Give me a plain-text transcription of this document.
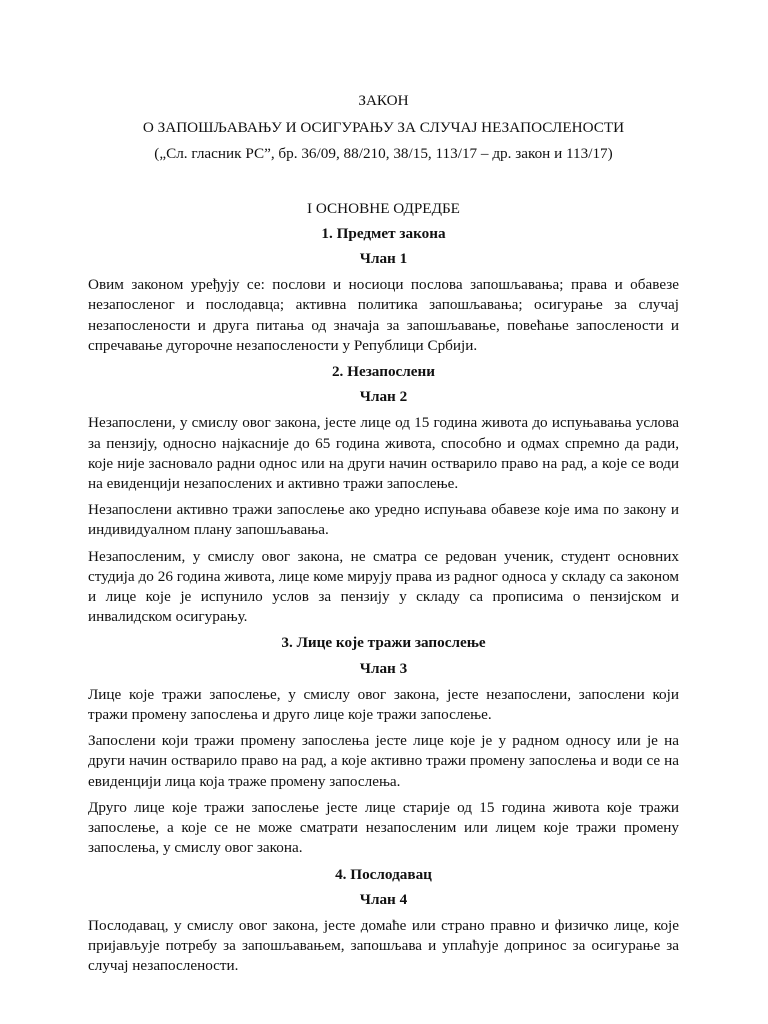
ЗАКОН

О ЗАПОШЉАВАЊУ И ОСИГУРАЊУ ЗА СЛУЧАЈ НЕЗАПОСЛЕНОСТИ

(„Сл. гласник РС”, бр. 36/09, 88/210, 38/15, 113/17 – др. закон и 113/17)

I ОСНОВНЕ ОДРЕДБЕ

1. Предмет закона

Члан 1

Овим законом уређују се: послови и носиоци послова запошљавања; права и обавезе незапосленог и послодавца; активна политика запошљавања; осигурање за случај незапослености и друга питања од значаја за запошљавање, повећање запослености и спречавање дугорочне незапослености у Републици Србији.

2. Незапослени

Члан 2

Незапослени, у смислу овог закона, јесте лице од 15 година живота до испуњавања услова за пензију, односно најкасније до 65 година живота, способно и одмах спремно да ради, које није засновало радни однос или на други начин остварило право на рад, а које се води на евиденцији незапослених и активно тражи запослење.

Незапослени активно тражи запослење ако уредно испуњава обавезе које има по закону и индивидуалном плану запошљавања.

Незапосленим, у смислу овог закона, не сматра се редован ученик, студент основних студија до 26 година живота, лице коме мирују права из радног односа у складу са законом и лице које је испунило услов за пензију у складу са прописима о пензијском и инвалидском осигурању.

3. Лице које тражи запослење

Члан 3

Лице које тражи запослење, у смислу овог закона, јесте незапослени, запослени који тражи промену запослења и друго лице које тражи запослење.

Запослени који тражи промену запослења јесте лице које је у радном односу или је на други начин остварило право на рад, а које активно тражи промену запослења и води се на евиденцији лица која траже промену запослења.

Друго лице које тражи запослење јесте лице старије од 15 година живота које тражи запослење, а које се не може сматрати незапосленим или лицем које тражи промену запослења, у смислу овог закона.

4. Послодавац

Члан 4

Послодавац, у смислу овог закона, јесте домаће или страно правно и физичко лице, које пријављује потребу за запошљавањем, запошљава и уплаћује допринос за осигурање за случај незапослености.
